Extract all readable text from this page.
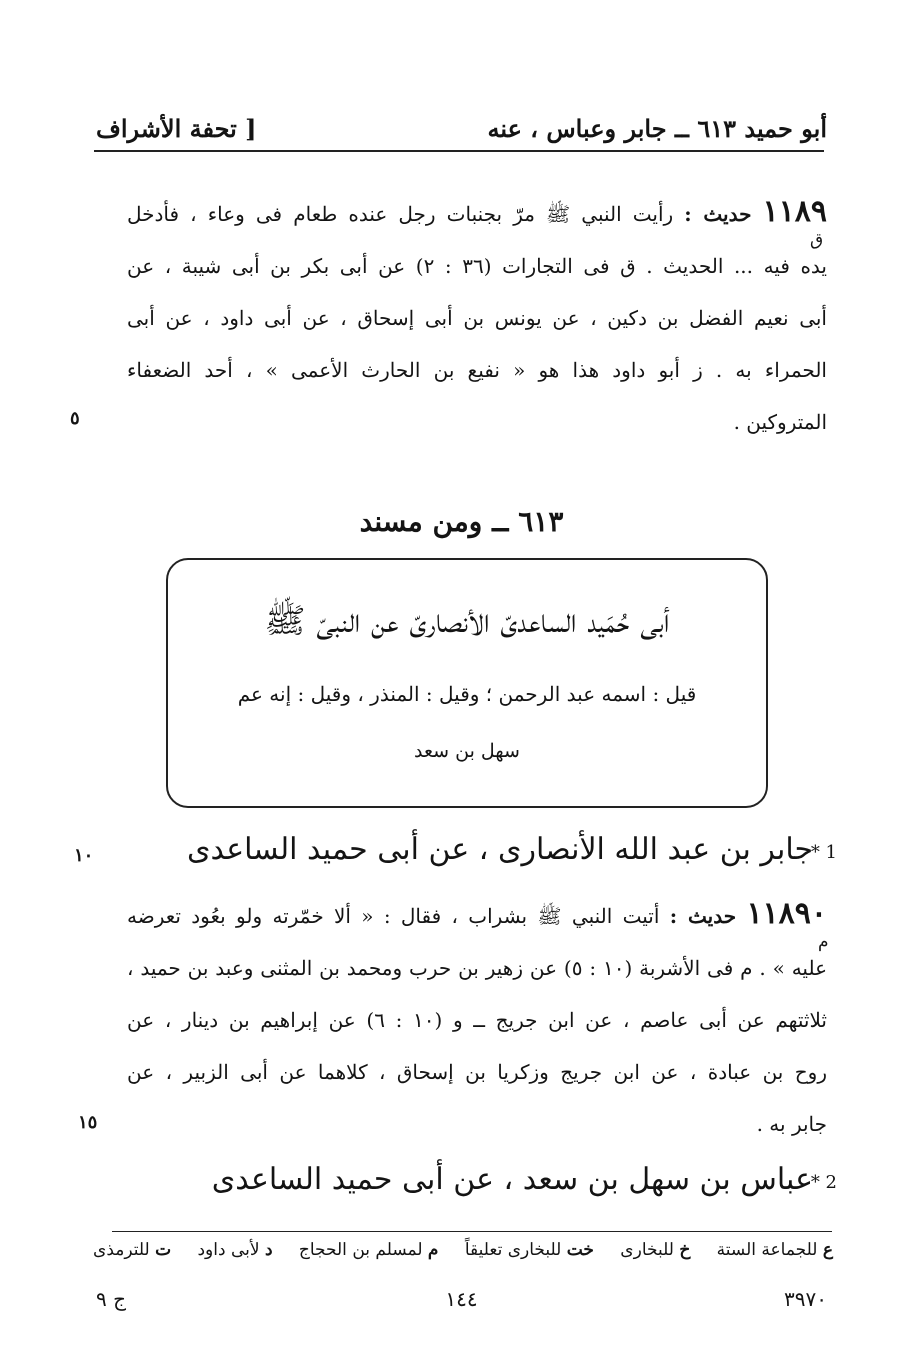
أبو حميد ٦١٣ ــ جابر وعباس ، عنه
[ تحفة الأشراف
١١٨٩ حديث : رأيت النبي ﷺ مرّ بجنبات رجل عنده طعام فى وعاء ، فأدخل
يده فيه ... الحديث . ق فى التجارات (٣٦ : ٢) عن أبى بكر بن أبى شيبة ، عن
أبى نعيم الفضل بن دكين ، عن يونس بن أبى إسحاق ، عن أبى داود ، عن أبى
الحمراء به . ز أبو داود هذا هو « نفيع بن الحارث الأعمى » ، أحد الضعفاء
المتروكين .
ق
٥
٦١٣ ــ ومن مسند
أبى حُمَيد الساعدىّ الأنصارىّ عن النبىّ ﷺ
قيل : اسمه عبد الرحمن ؛ وقيل : المنذر ، وقيل : إنه عم
سهل بن سعد
1 *
جابر بن عبد الله الأنصارى ، عن أبى حميد الساعدى
١٠
١١٨٩٠ حديث : أتيت النبي ﷺ بشراب ، فقال : « ألا خمّرته ولو بعُود تعرضه
عليه » . م فى الأشربة (١٠ : ٥) عن زهير بن حرب ومحمد بن المثنى وعبد بن حميد ،
ثلاثتهم عن أبى عاصم ، عن ابن جريج ــ و (١٠ : ٦) عن إبراهيم بن دينار ، عن
روح بن عبادة ، عن ابن جريج وزكريا بن إسحاق ، كلاهما عن أبى الزبير ، عن
جابر به .
م
١٥
2 *
عباس بن سهل بن سعد ، عن أبى حميد الساعدى
ع للجماعة الستة
خ للبخارى
خت للبخارى تعليقاً
م لمسلم بن الحجاج
د لأبى داود
ت للترمذى
ج ٩	١٤٤	٣٩٧٠
